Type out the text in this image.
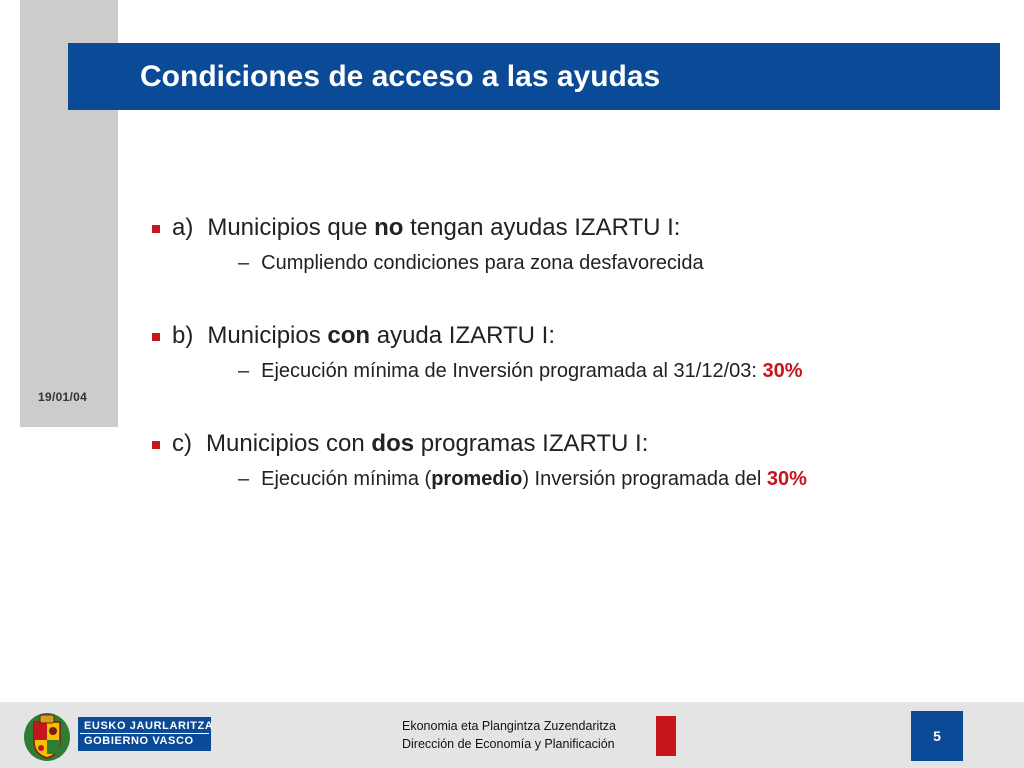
19/01/04
Condiciones de acceso a las ayudas
a) Municipios que no tengan ayudas IZARTU I:
– Cumpliendo condiciones para zona desfavorecida
b) Municipios con ayuda IZARTU I:
– Ejecución mínima de Inversión programada al 31/12/03: 30%
c) Municipios con dos programas IZARTU I:
– Ejecución mínima (promedio) Inversión programada del 30%
EUSKO JAURLARITZA
GOBIERNO VASCO
Ekonomia eta Plangintza Zuzendaritza
Dirección de Economía y Planificación	5
